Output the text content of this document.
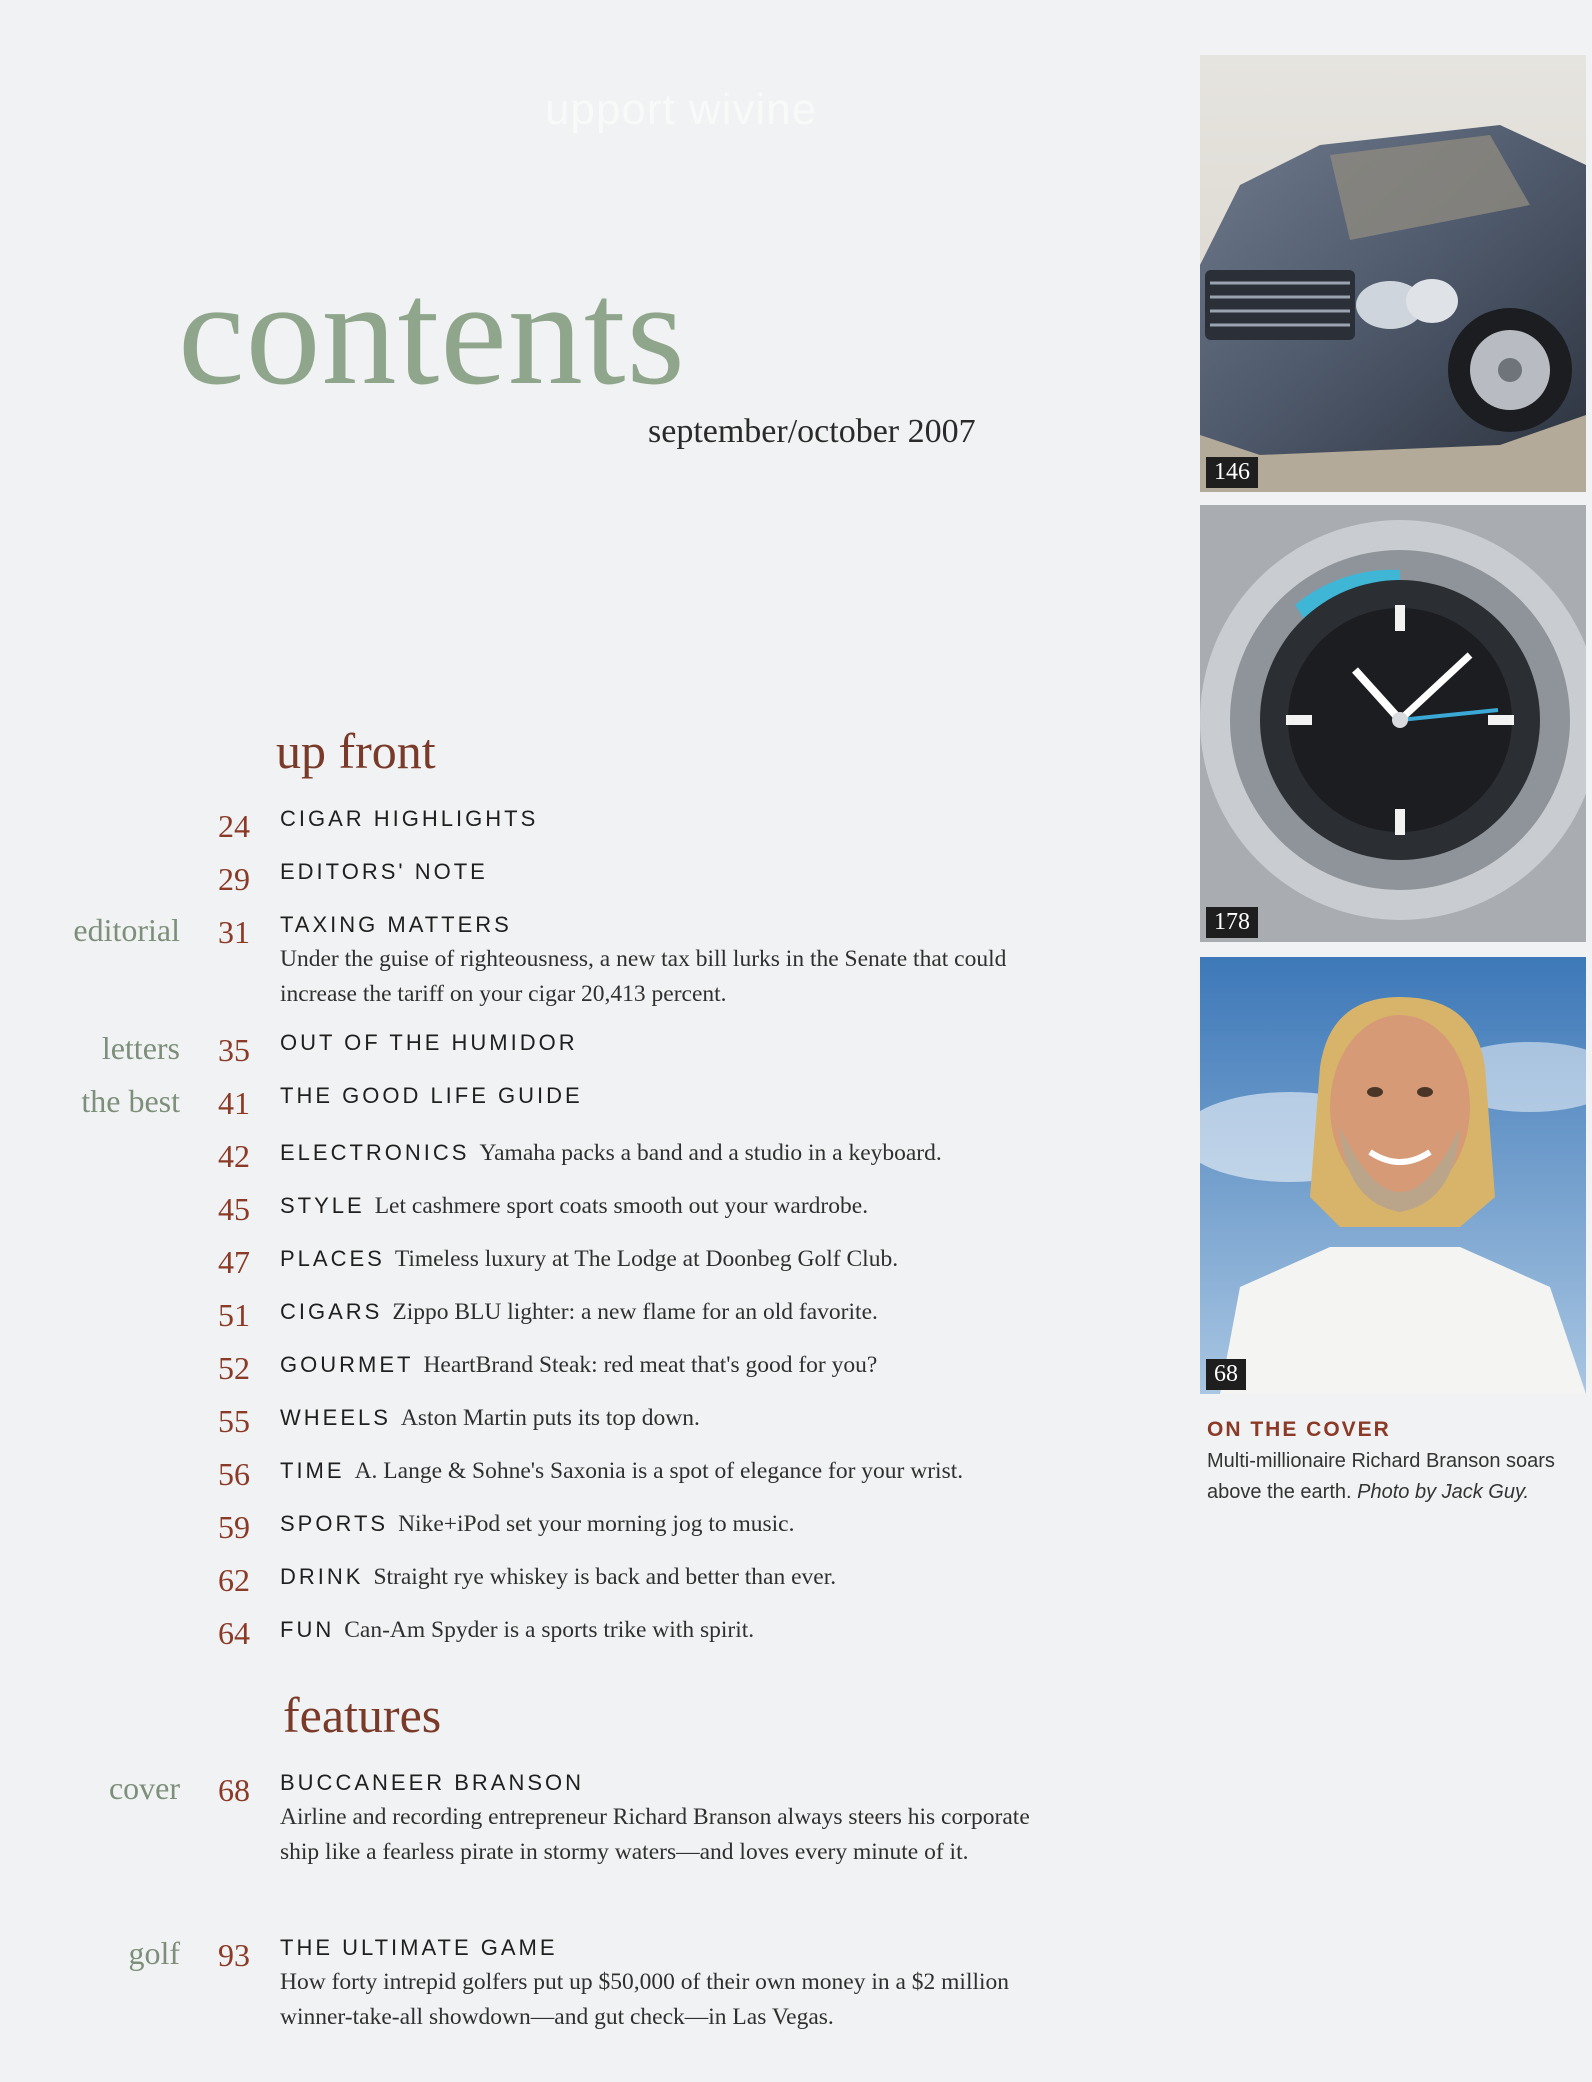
upport wivine
contents
september/october 2007
up front
24 CIGAR HIGHLIGHTS
29 EDITORS' NOTE
editorial 31 TAXING MATTERS
Under the guise of righteousness, a new tax bill lurks in the Senate that could increase the tariff on your cigar 20,413 percent.
letters 35 OUT OF THE HUMIDOR
the best 41 THE GOOD LIFE GUIDE
42 ELECTRONICS Yamaha packs a band and a studio in a keyboard.
45 STYLE Let cashmere sport coats smooth out your wardrobe.
47 PLACES Timeless luxury at The Lodge at Doonbeg Golf Club.
51 CIGARS Zippo BLU lighter: a new flame for an old favorite.
52 GOURMET HeartBrand Steak: red meat that's good for you?
55 WHEELS Aston Martin puts its top down.
56 TIME A. Lange & Sohne's Saxonia is a spot of elegance for your wrist.
59 SPORTS Nike+iPod set your morning jog to music.
62 DRINK Straight rye whiskey is back and better than ever.
64 FUN Can-Am Spyder is a sports trike with spirit.
features
cover 68 BUCCANEER BRANSON
Airline and recording entrepreneur Richard Branson always steers his corporate ship like a fearless pirate in stormy waters—and loves every minute of it.
golf 93 THE ULTIMATE GAME
How forty intrepid golfers put up $50,000 of their own money in a $2 million winner-take-all showdown—and gut check—in Las Vegas.
146
178
68
ON THE COVER
Multi-millionaire Richard Branson soars above the earth. Photo by Jack Guy.
